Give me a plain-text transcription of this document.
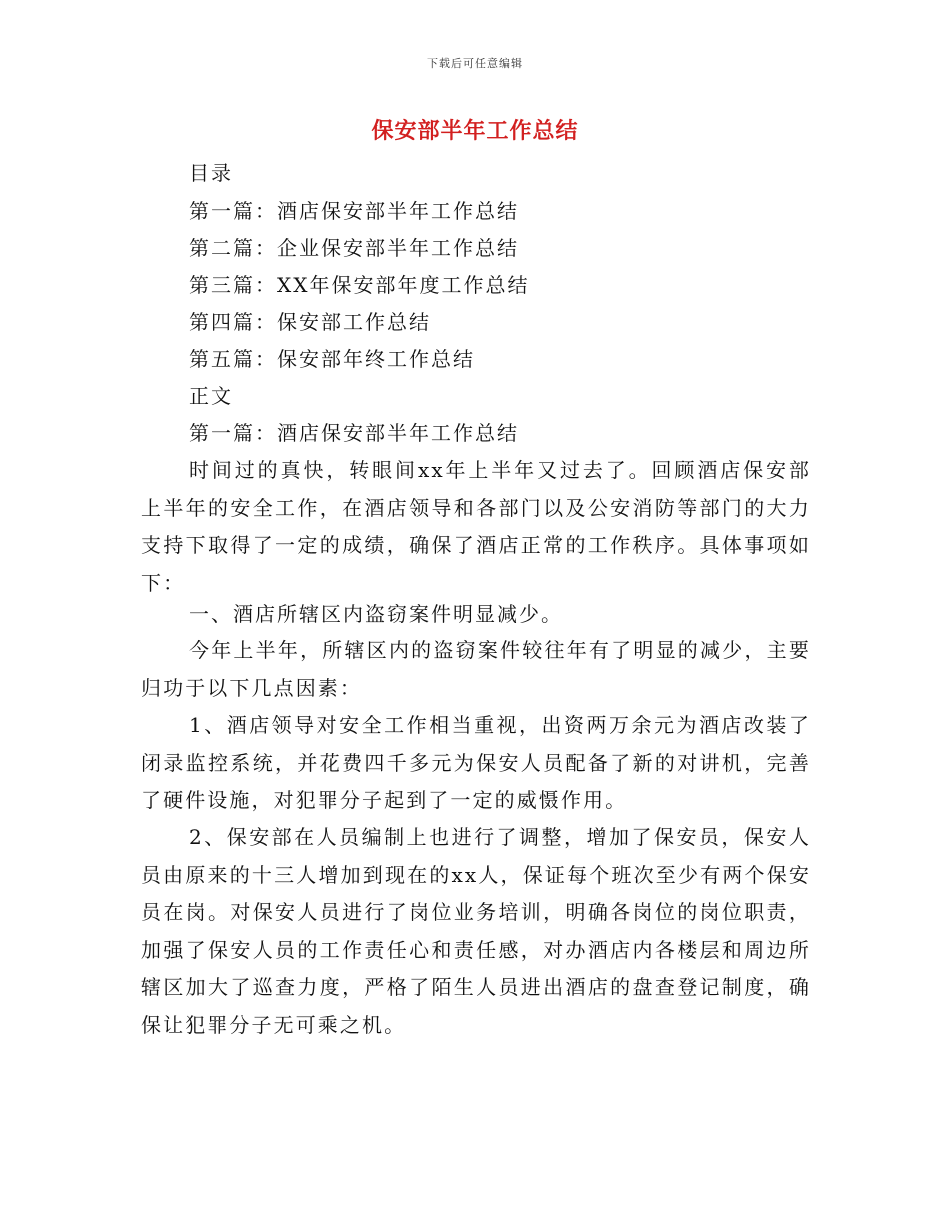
下载后可任意编辑
保安部半年工作总结
目录
第一篇：酒店保安部半年工作总结
第二篇：企业保安部半年工作总结
第三篇：XX年保安部年度工作总结
第四篇：保安部工作总结
第五篇：保安部年终工作总结
正文
第一篇：酒店保安部半年工作总结
时间过的真快，转眼间xx年上半年又过去了。回顾酒店保安部上半年的安全工作，在酒店领导和各部门以及公安消防等部门的大力支持下取得了一定的成绩，确保了酒店正常的工作秩序。具体事项如下：
一、酒店所辖区内盗窃案件明显减少。
今年上半年，所辖区内的盗窃案件较往年有了明显的减少，主要归功于以下几点因素：
1、酒店领导对安全工作相当重视，出资两万余元为酒店改装了闭录监控系统，并花费四千多元为保安人员配备了新的对讲机，完善了硬件设施，对犯罪分子起到了一定的威慑作用。
2、保安部在人员编制上也进行了调整，增加了保安员，保安人员由原来的十三人增加到现在的xx人，保证每个班次至少有两个保安员在岗。对保安人员进行了岗位业务培训，明确各岗位的岗位职责，加强了保安人员的工作责任心和责任感，对办酒店内各楼层和周边所辖区加大了巡查力度，严格了陌生人员进出酒店的盘查登记制度，确保让犯罪分子无可乘之机。
